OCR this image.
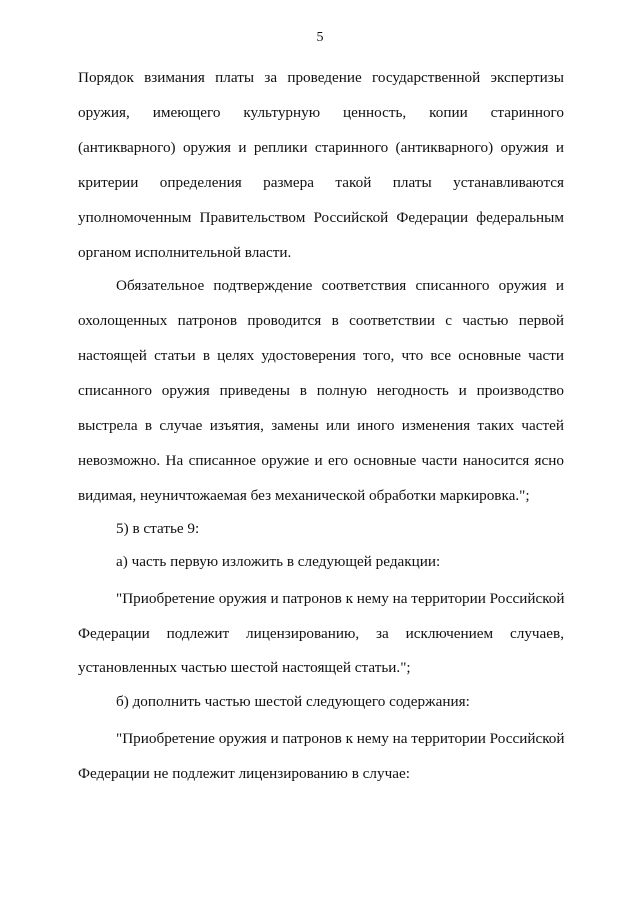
5
Порядок взимания платы за проведение государственной экспертизы
оружия, имеющего культурную ценность, копии старинного
(антикварного) оружия и реплики старинного (антикварного) оружия и
критерии определения размера такой платы устанавливаются
уполномоченным Правительством Российской Федерации федеральным
органом исполнительной власти.
Обязательное подтверждение соответствия списанного оружия и
охолощенных патронов проводится в соответствии с частью первой
настоящей статьи в целях удостоверения того, что все основные части
списанного оружия приведены в полную негодность и производство
выстрела в случае изъятия, замены или иного изменения таких частей
невозможно. На списанное оружие и его основные части наносится ясно
видимая, неуничтожаемая без механической обработки маркировка.";
5) в статье 9:
а) часть первую изложить в следующей редакции:
"Приобретение оружия и патронов к нему на территории Российской
Федерации подлежит лицензированию, за исключением случаев,
установленных частью шестой настоящей статьи.";
б) дополнить частью шестой следующего содержания:
"Приобретение оружия и патронов к нему на территории Российской
Федерации не подлежит лицензированию в случае:
